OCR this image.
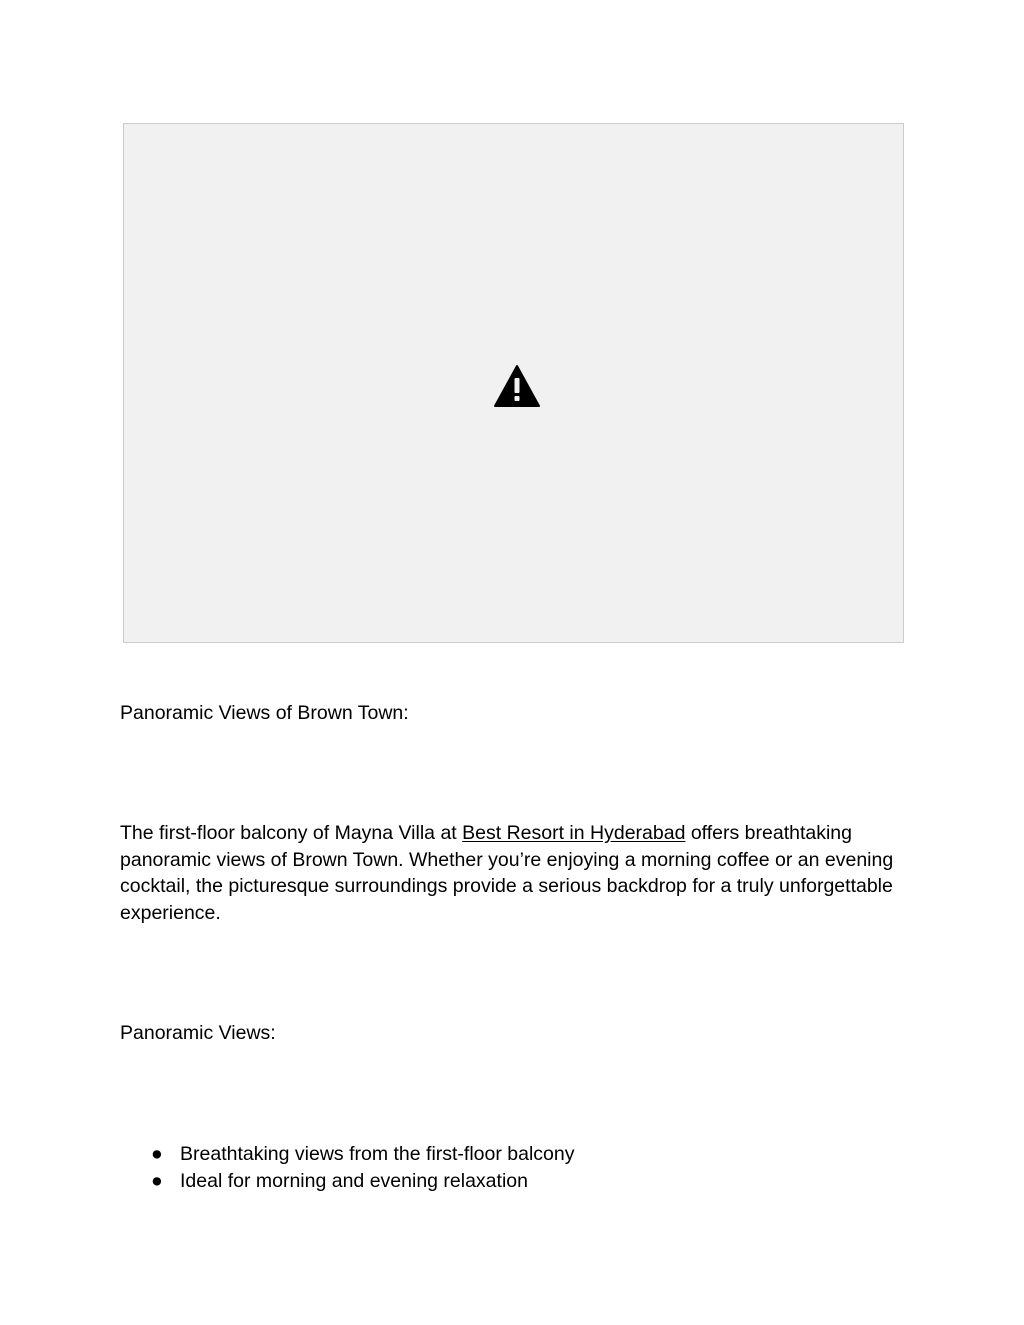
Panoramic Views of Brown Town:

The first-floor balcony of Mayna Villa at Best Resort in Hyderabad offers breathtaking panoramic views of Brown Town. Whether you’re enjoying a morning coffee or an evening cocktail, the picturesque surroundings provide a serious backdrop for a truly unforgettable experience.

Panoramic Views:

● Breathtaking views from the first-floor balcony
● Ideal for morning and evening relaxation
